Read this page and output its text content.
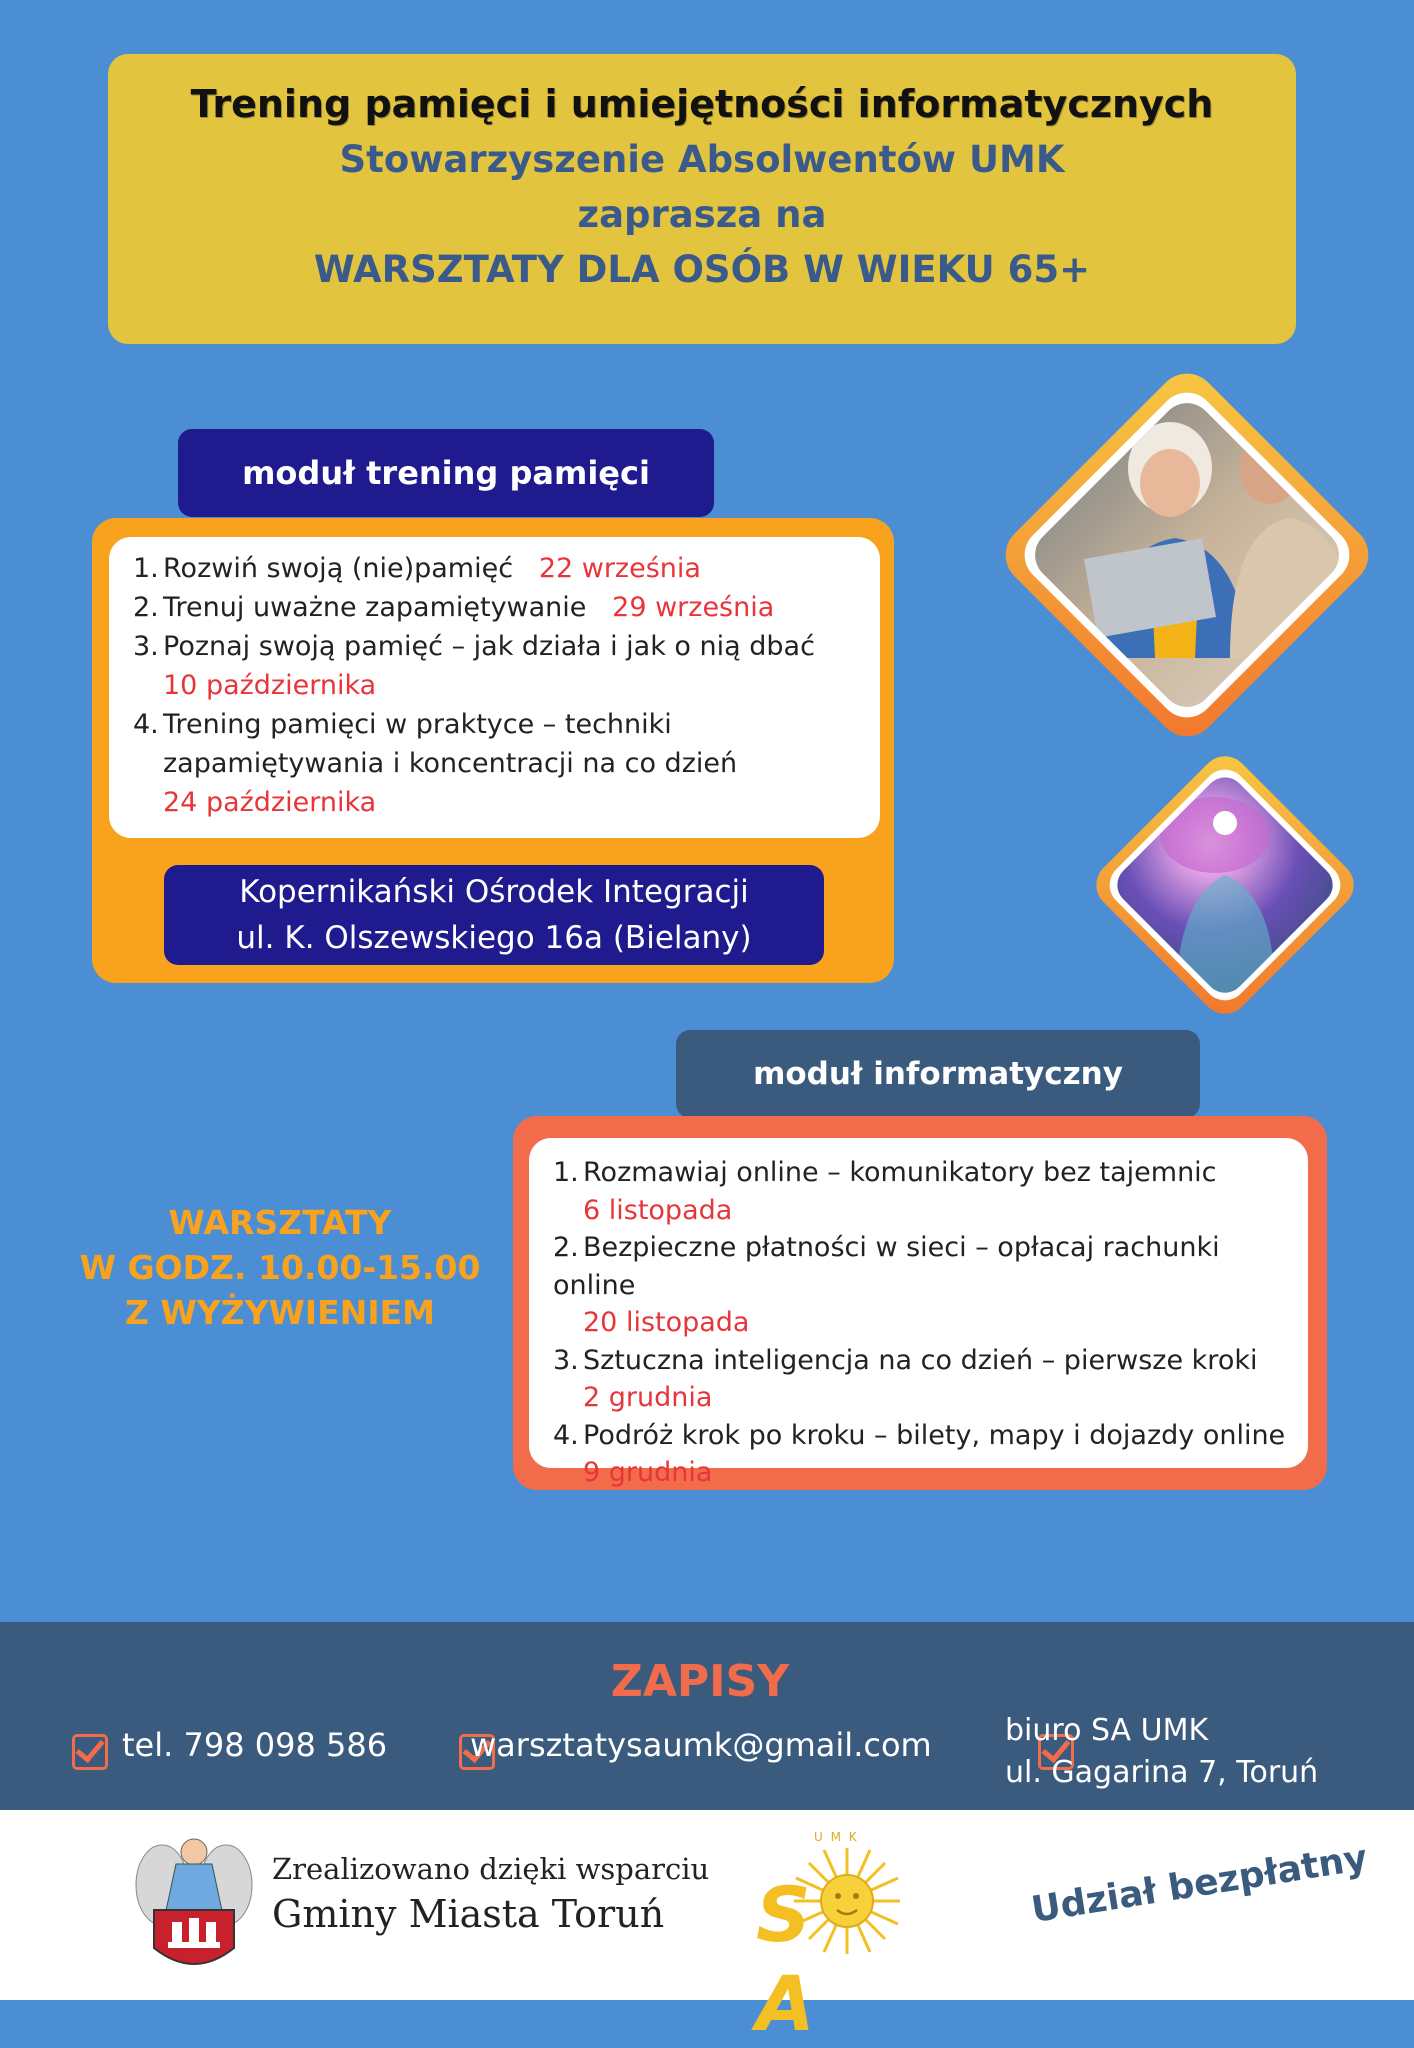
Trening pamięci i umiejętności informatycznych
Stowarzyszenie Absolwentów UMK
zaprasza na
WARSZTATY DLA OSÓB W WIEKU 65+
moduł trening pamięci
1. Rozwiń swoją (nie)pamięć 22 września
2. Trenuj uważne zapamiętywanie 29 września
3. Poznaj swoją pamięć – jak działa i jak o nią dbać
10 października
4. Trening pamięci w praktyce – techniki
zapamiętywania i koncentracji na co dzień
24 października
Kopernikański Ośrodek Integracji
ul. K. Olszewskiego 16a (Bielany)
moduł informatyczny
1. Rozmawiaj online – komunikatory bez tajemnic
6 listopada
2. Bezpieczne płatności w sieci – opłacaj rachunki online
20 listopada
3. Sztuczna inteligencja na co dzień – pierwsze kroki
2 grudnia
4. Podróż krok po kroku – bilety, mapy i dojazdy online
9 grudnia
WARSZTATY
W GODZ. 10.00-15.00
Z WYŻYWIENIEM
ZAPISY

tel. 798 098 586
	warsztatysaumk@gmail.com biuro SA UMK
ul. Gagarina 7, Toruń
Zrealizowano dzięki wsparciu
Gminy Miasta Toruń
U M K
S A
Udział bezpłatny
